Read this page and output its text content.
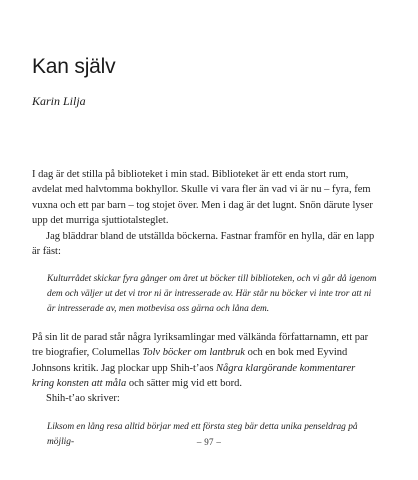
Kan själv
Karin Lilja

I dag är det stilla på biblioteket i min stad. Biblioteket är ett enda stort rum, avdelat med halvtomma bokhyllor. Skulle vi vara fler än vad vi är nu – fyra, fem vuxna och ett par barn – tog stojet över. Men i dag är det lugnt. Snön därute lyser upp det murriga sjuttiotalsteglet.

Jag bläddrar bland de utställda böckerna. Fastnar framför en hylla, där en lapp är fäst:

Kulturrådet skickar fyra gånger om året ut böcker till biblioteken, och vi går då igenom dem och väljer ut det vi tror ni är intresserade av. Här står nu böcker vi inte tror att ni är intresserade av, men motbevisa oss gärna och låna dem.

På sin lit de parad står några lyriksamlingar med välkända författarnamn, ett par tre biografier, Columellas Tolv böcker om lantbruk och en bok med Eyvind Johnsons kritik. Jag plockar upp Shih-t’aos Några klargörande kommentarer kring konsten att måla och sätter mig vid ett bord.

Shih-t’ao skriver:

Liksom en lång resa alltid börjar med ett första steg bär detta unika penseldrag på möjlig-	– 97 –
